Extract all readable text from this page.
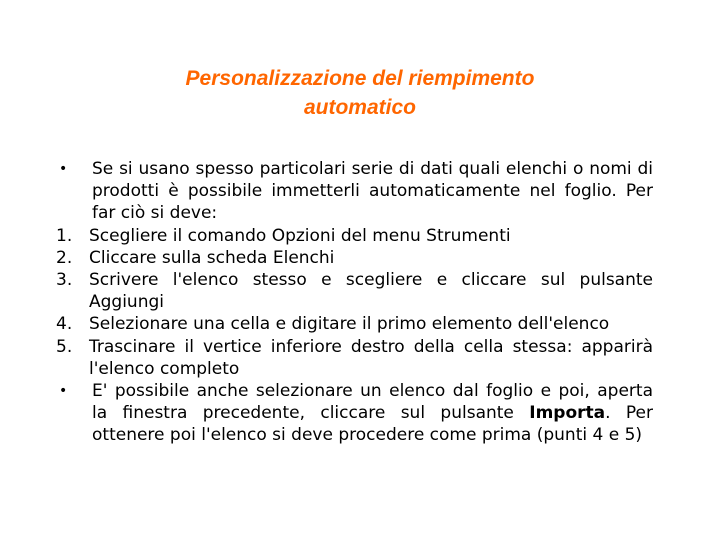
Personalizzazione del riempimento
automatico
•	Se si usano spesso particolari serie di dati quali elenchi o nomi di prodotti è possibile immetterli automaticamente nel foglio. Per far ciò si deve:
1. Scegliere il comando Opzioni del menu Strumenti
2. Cliccare sulla scheda Elenchi
3. Scrivere l'elenco stesso e scegliere e cliccare sul pulsante Aggiungi
4. Selezionare una cella e digitare il primo elemento dell'elenco
5. Trascinare il vertice inferiore destro della cella stessa: apparirà l'elenco completo
•	E' possibile anche selezionare un elenco dal foglio e poi, aperta la finestra precedente, cliccare sul pulsante Importa. Per ottenere poi l'elenco si deve procedere come prima (punti 4 e 5)
